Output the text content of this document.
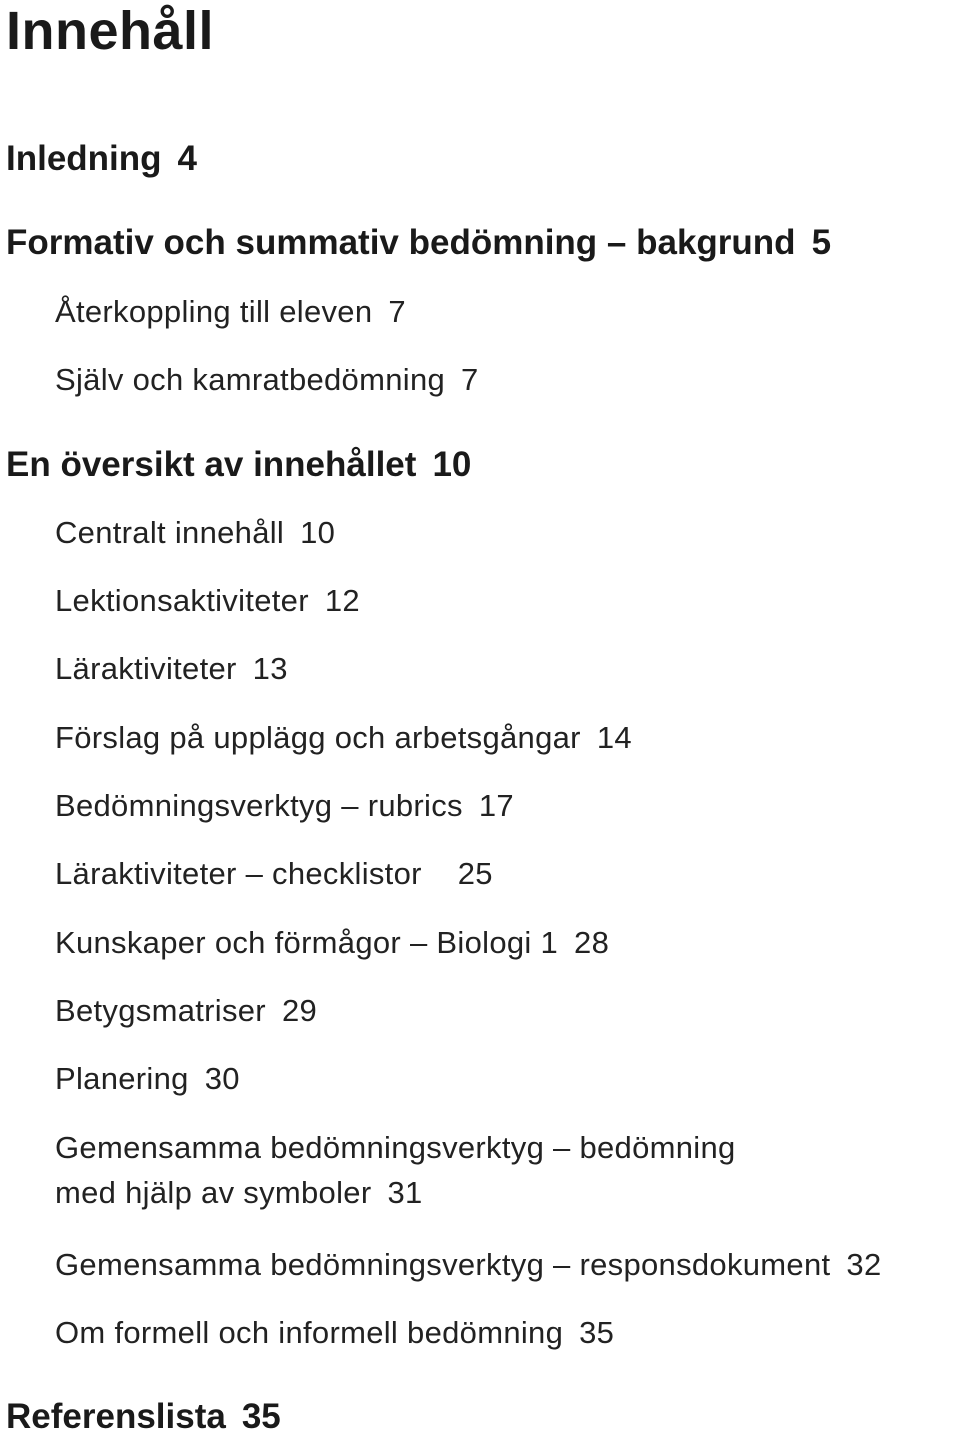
Innehåll
Inledning 4
Formativ och summativ bedömning – bakgrund 5
Återkoppling till eleven 7
Själv och kamratbedömning 7
En översikt av innehållet 10
Centralt innehåll 10
Lektionsaktiviteter 12
Läraktiviteter 13
Förslag på upplägg och arbetsgångar 14
Bedömningsverktyg – rubrics 17
Läraktiviteter – checklistor 25
Kunskaper och förmågor – Biologi 1 28
Betygsmatriser 29
Planering 30
Gemensamma bedömningsverktyg – bedömning
med hjälp av symboler 31
Gemensamma bedömningsverktyg – responsdokument 32
Om formell och informell bedömning 35
Referenslista 35
